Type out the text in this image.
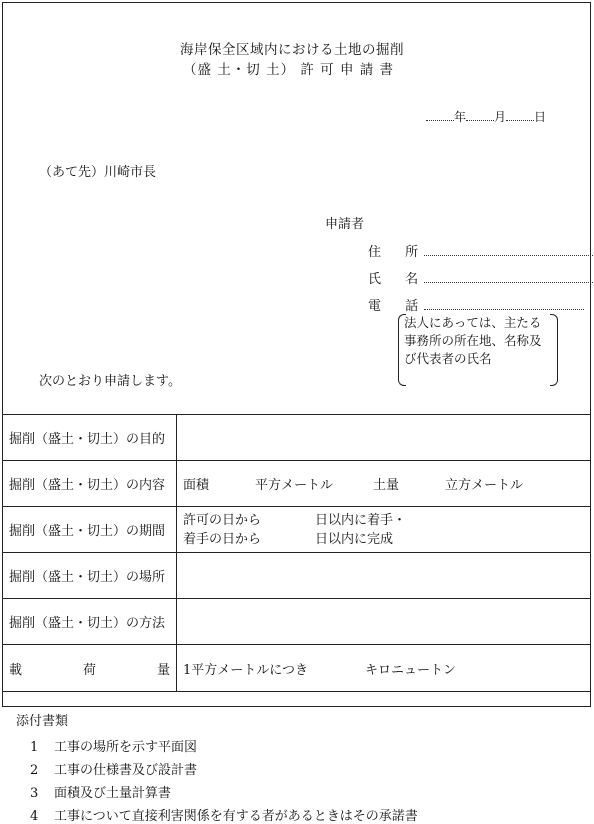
海岸保全区域内における土地の掘削
（盛 土・切 土） 許 可 申 請 書
年 月 日
（あて先）川崎市長
申請者
住 所
氏 名
電 話
法人にあっては、主たる事務所の所在地、名称及び代表者の氏名
次のとおり申請します。
掘削（盛土・切土）の目的	
掘削（盛土・切土）の内容	面積 平方メートル 土量 立方メートル
掘削（盛土・切土）の期間	許可の日から 日以内に着手・
着手の日から 日以内に完成
掘削（盛土・切土）の場所	
掘削（盛土・切土）の方法	
載　　　荷　　　量	1平方メートルにつき キロニュートン
添付書類
1 工事の場所を示す平面図
2 工事の仕様書及び設計書
3 面積及び土量計算書
4 工事について直接利害関係を有する者があるときはその承諾書
